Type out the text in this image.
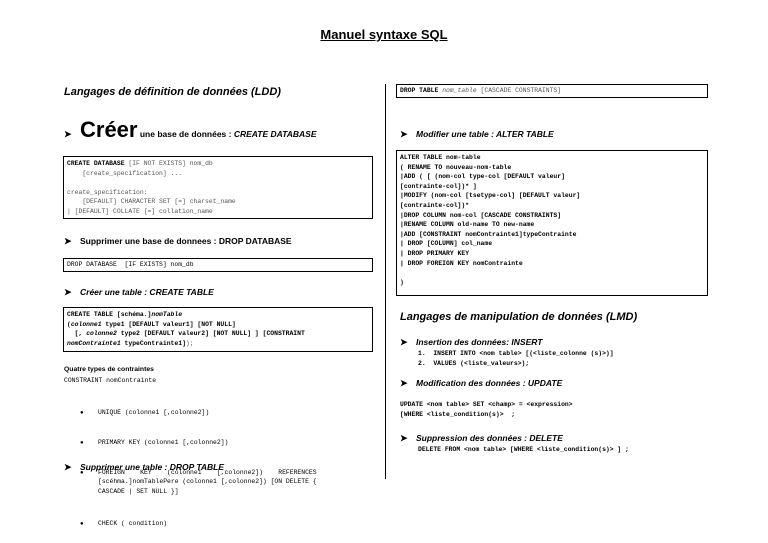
Manuel syntaxe SQL
Langages de définition de données (LDD)
➤ Créer une base de données : CREATE DATABASE
CREATE DATABASE [IF NOT EXISTS] nom_db
[create_specification] ...

create_specification:
[DEFAULT] CHARACTER SET [=] charset_name
| [DEFAULT] COLLATE [=] collation_name
➤ Supprimer une base de donnees : DROP DATABASE
DROP DATABASE  [IF EXISTS] nom_db
➤ Créer une table : CREATE TABLE
CREATE TABLE [schéma.]nomTable
(colonne1 type1 [DEFAULT valeur1] [NOT NULL]
[, colonne2 type2 [DEFAULT valeur2] [NOT NULL] ] [CONSTRAINT
nomContrainte1 typeContrainte1]);
Quatre types de contraintes
CONSTRAINT nomContrainte

● UNIQUE (colonne1 [,colonne2])

● PRIMARY KEY (colonne1 [,colonne2])

● FOREIGN    KEY    (colonne1    [,colonne2])    REFERENCES
[scéhma.]nomTablePere (colonne1 [,colonne2]) [ON DELETE {
CASCADE | SET NULL }]

● CHECK ( condition)

➤ Supprimer une table : DROP TABLE
DROP TABLE nom_table [CASCADE CONSTRAINTS]
➤ Modifier une table : ALTER TABLE
ALTER TABLE nom-table
( RENAME TO nouveau-nom-table
|ADD ( [ (nom-col type-col [DEFAULT valeur]
[contrainte-col])* ]
|MODIFY (nom-col [tsetype-col] [DEFAULT valeur]
[contrainte-col])*
|DROP COLUMN nom-col [CASCADE CONSTRAINTS]
|RENAME COLUMN old-name TO new-name
|ADD [CONSTRAINT nomContrainte1]typeContrainte
| DROP [COLUMN] col_name
| DROP PRIMARY KEY
| DROP FOREIGN KEY nomContrainte
)
Langages de manipulation de données (LMD)
➤ Insertion des données: INSERT
1.  INSERT INTO <nom table> [(<liste_colonne (s)>)]
2.  VALUES (<liste_valeurs>);
➤ Modification des données : UPDATE
UPDATE <nom table> SET <champ> = <expression>
[WHERE <liste_condition(s)>  ;
➤ Suppression des données : DELETE
DELETE FROM <nom table> [WHERE <liste_condition(s)> ] ;
